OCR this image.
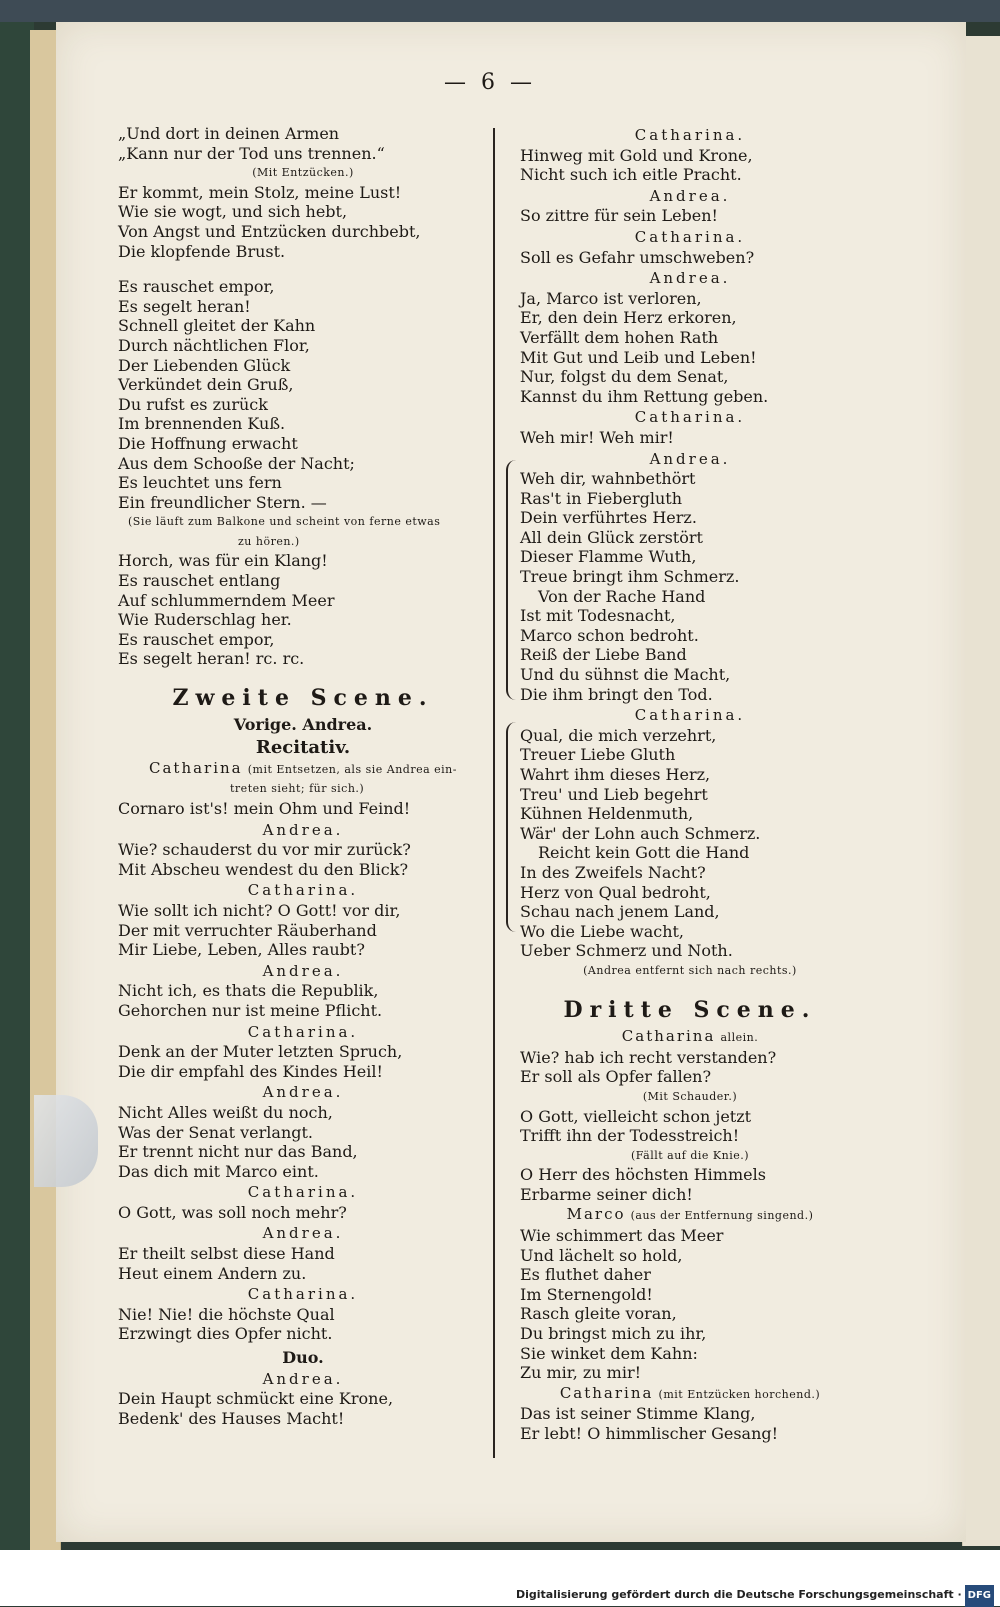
— 6 —
„Und dort in deinen Armen
„Kann nur der Tod uns trennen.“
(Mit Entzücken.)
Er kommt, mein Stolz, meine Lust!
Wie sie wogt, und sich hebt,
Von Angst und Entzücken durchbebt,
Die klopfende Brust.
Es rauschet empor,
Es segelt heran!
Schnell gleitet der Kahn
Durch nächtlichen Flor,
Der Liebenden Glück
Verkündet dein Gruß,
Du rufst es zurück
Im brennenden Kuß.
Die Hoffnung erwacht
Aus dem Schooße der Nacht;
Es leuchtet uns fern
Ein freundlicher Stern. —
(Sie läuft zum Balkone und scheint von ferne etwas
zu hören.)
Horch, was für ein Klang!
Es rauschet entlang
Auf schlummerndem Meer
Wie Ruderschlag her.
Es rauschet empor,
Es segelt heran! rc. rc.
Zweite Scene.
Vorige. Andrea.
Recitativ.
Catharina (mit Entsetzen, als sie Andrea ein-
treten sieht; für sich.)
Cornaro ist's! mein Ohm und Feind!
Andrea.
Wie? schauderst du vor mir zurück?
Mit Abscheu wendest du den Blick?
Catharina.
Wie sollt ich nicht? O Gott! vor dir,
Der mit verruchter Räuberhand
Mir Liebe, Leben, Alles raubt?
Andrea.
Nicht ich, es thats die Republik,
Gehorchen nur ist meine Pflicht.
Catharina.
Denk an der Muter letzten Spruch,
Die dir empfahl des Kindes Heil!
Andrea.
Nicht Alles weißt du noch,
Was der Senat verlangt.
Er trennt nicht nur das Band,
Das dich mit Marco eint.
Catharina.
O Gott, was soll noch mehr?
Andrea.
Er theilt selbst diese Hand
Heut einem Andern zu.
Catharina.
Nie! Nie! die höchste Qual
Erzwingt dies Opfer nicht.
Duo.
Andrea.
Dein Haupt schmückt eine Krone,
Bedenk' des Hauses Macht!
Catharina.
Hinweg mit Gold und Krone,
Nicht such ich eitle Pracht.
Andrea.
So zittre für sein Leben!
Catharina.
Soll es Gefahr umschweben?
Andrea.
Ja, Marco ist verloren,
Er, den dein Herz erkoren,
Verfällt dem hohen Rath
Mit Gut und Leib und Leben!
Nur, folgst du dem Senat,
Kannst du ihm Rettung geben.
Catharina.
Weh mir! Weh mir!
Andrea.
Weh dir, wahnbethört
Ras't in Fiebergluth
Dein verführtes Herz.
All dein Glück zerstört
Dieser Flamme Wuth,
Treue bringt ihm Schmerz.
Von der Rache Hand
Ist mit Todesnacht,
Marco schon bedroht.
Reiß der Liebe Band
Und du sühnst die Macht,
Die ihm bringt den Tod.
Catharina.
Qual, die mich verzehrt,
Treuer Liebe Gluth
Wahrt ihm dieses Herz,
Treu' und Lieb begehrt
Kühnen Heldenmuth,
Wär' der Lohn auch Schmerz.
Reicht kein Gott die Hand
In des Zweifels Nacht?
Herz von Qual bedroht,
Schau nach jenem Land,
Wo die Liebe wacht,
Ueber Schmerz und Noth.
(Andrea entfernt sich nach rechts.)
Dritte Scene.
Catharina allein.
Wie? hab ich recht verstanden?
Er soll als Opfer fallen?
(Mit Schauder.)
O Gott, vielleicht schon jetzt
Trifft ihn der Todesstreich!
(Fällt auf die Knie.)
O Herr des höchsten Himmels
Erbarme seiner dich!
Marco (aus der Entfernung singend.)
Wie schimmert das Meer
Und lächelt so hold,
Es fluthet daher
Im Sternengold!
Rasch gleite voran,
Du bringst mich zu ihr,
Sie winket dem Kahn:
Zu mir, zu mir!
Catharina (mit Entzücken horchend.)
Das ist seiner Stimme Klang,
Er lebt! O himmlischer Gesang!
Digitalisierung gefördert durch die Deutsche Forschungsgemeinschaft · DFG
